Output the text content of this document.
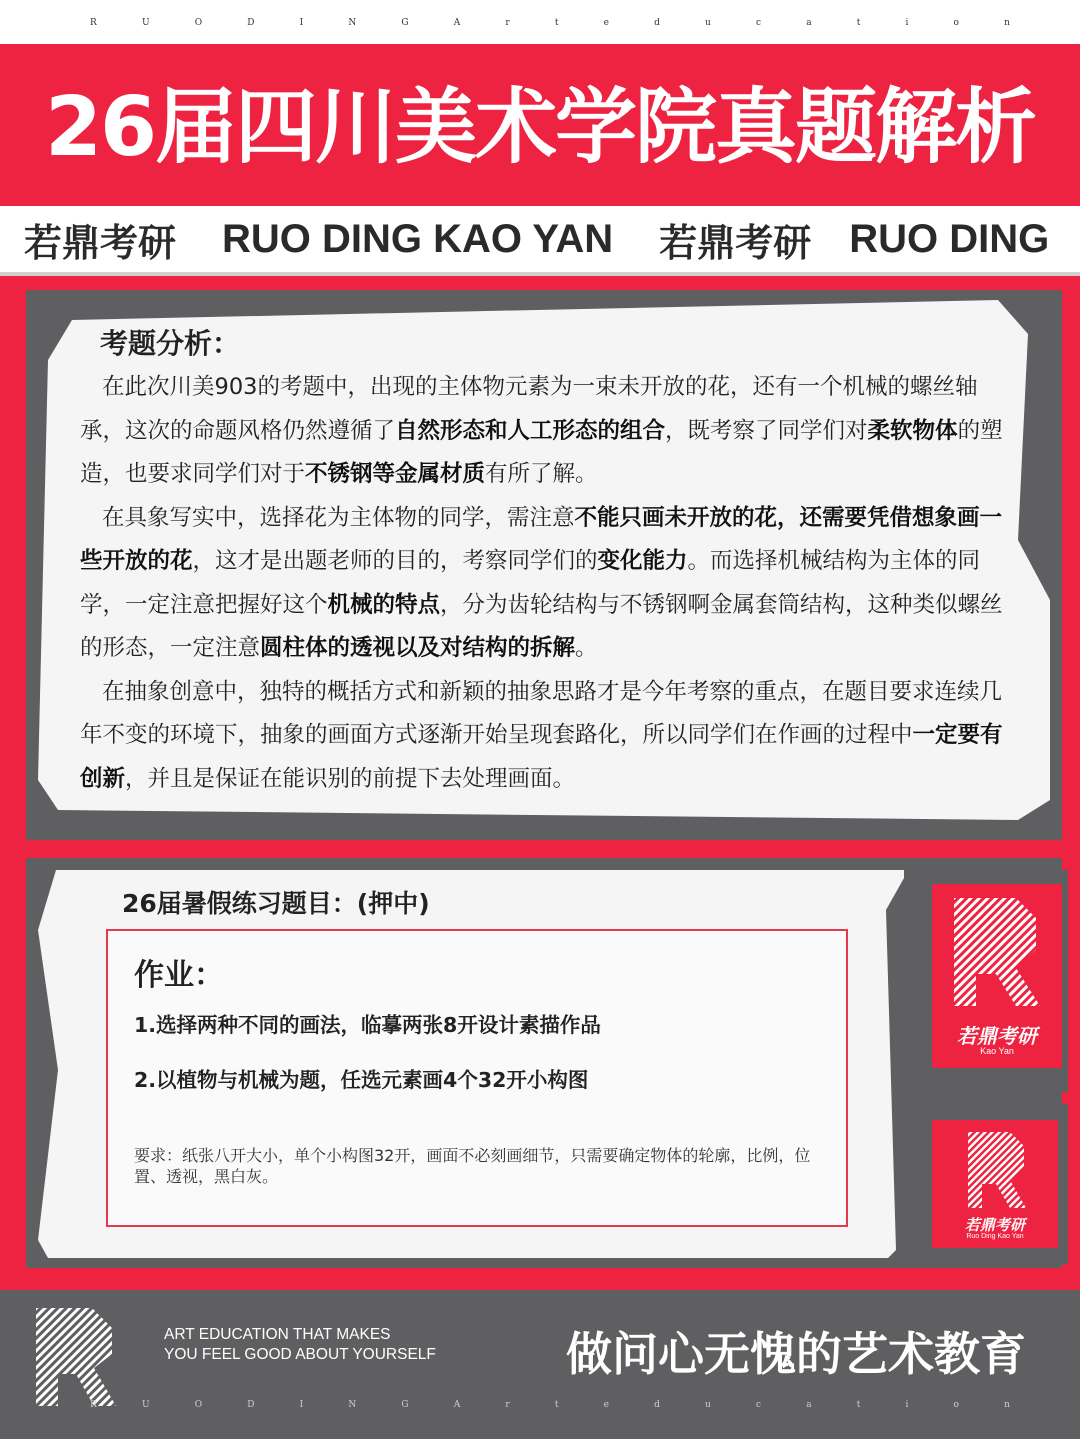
R	U	O	D	I	N	G	A	r	t	e	d	u	c	a	t	i	o	n
26届四川美术学院真题解析
若鼎考研 RUO DING KAO YAN 若鼎考研 RUO DING
考题分析：

在此次川美903的考题中，出现的主体物元素为一束未开放的花，还有一个机械的螺丝轴承，这次的命题风格仍然遵循了自然形态和人工形态的组合，既考察了同学们对柔软物体的塑造，也要求同学们对于不锈钢等金属材质有所了解。

在具象写实中，选择花为主体物的同学，需注意不能只画未开放的花，还需要凭借想象画一些开放的花，这才是出题老师的目的，考察同学们的变化能力。而选择机械结构为主体的同学，一定注意把握好这个机械的特点，分为齿轮结构与不锈钢啊金属套筒结构，这种类似螺丝的形态，一定注意圆柱体的透视以及对结构的拆解。

在抽象创意中，独特的概括方式和新颖的抽象思路才是今年考察的重点，在题目要求连续几年不变的环境下，抽象的画面方式逐渐开始呈现套路化，所以同学们在作画的过程中一定要有创新，并且是保证在能识别的前提下去处理画面。

26届暑假练习题目：(押中)
作业：
1.选择两种不同的画法，临摹两张8开设计素描作品
2.以植物与机械为题，任选元素画4个32开小构图
要求：纸张八开大小，单个小构图32开，画面不必刻画细节，只需要确定物体的轮廓，比例，位置、透视，黑白灰。
若鼎考研
Kao Yan
若鼎考研
Ruo Ding Kao Yan
ART EDUCATION THAT MAKES
YOU FEEL GOOD ABOUT YOURSELF	做问心无愧的艺术教育
R	U	O	D	I	N	G	A	r	t	e	d	u	c	a	t	i	o	n
